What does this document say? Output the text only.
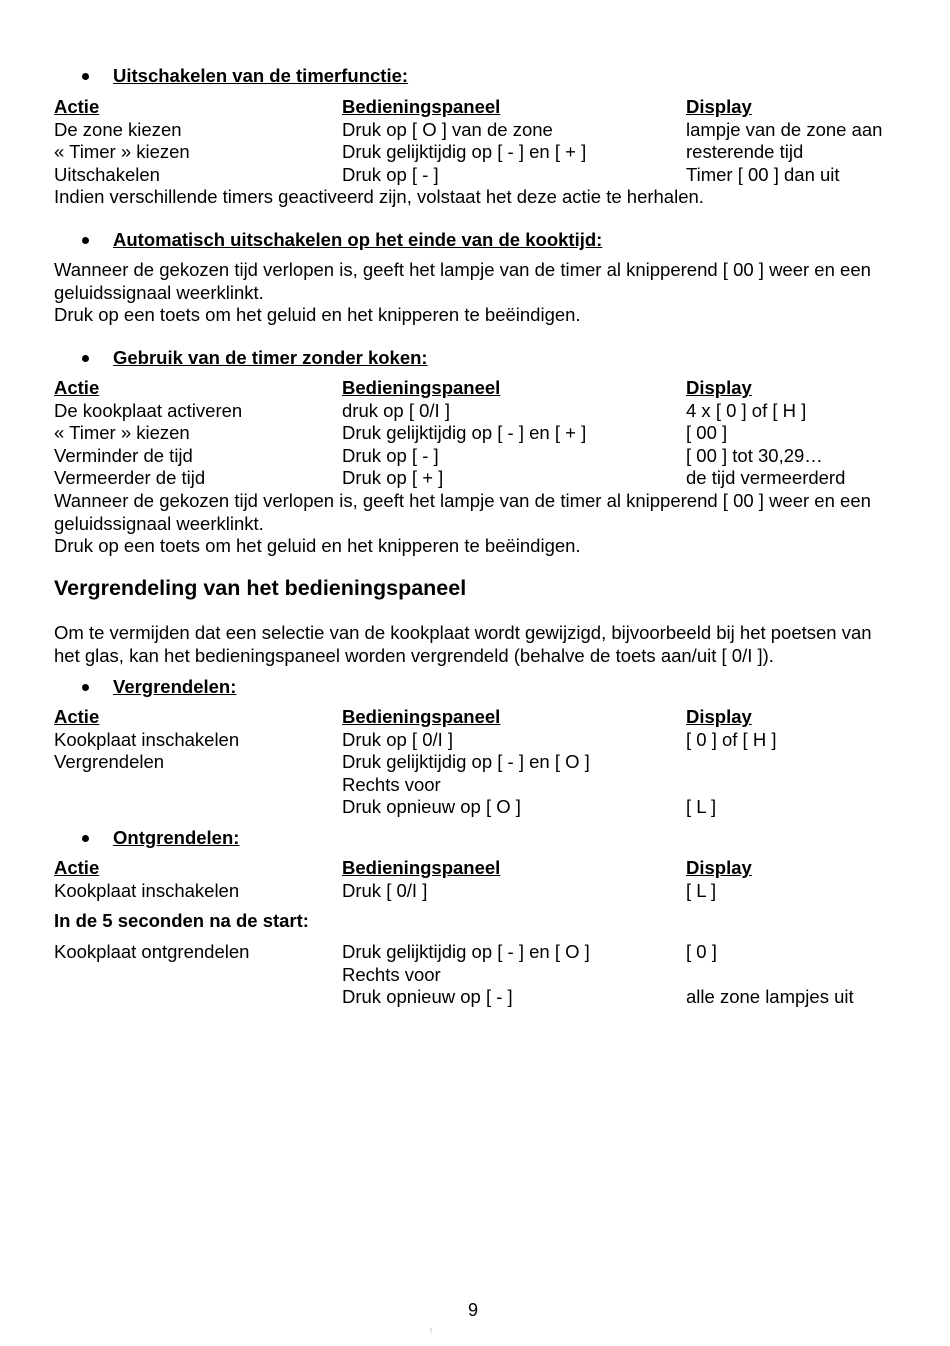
Uitschakelen van de timerfunctie:
Actie	Bedieningspaneel	Display
De zone kiezen	Druk op [ O ] van de zone	lampje van de zone aan
« Timer » kiezen	Druk gelijktijdig op [ - ] en [ + ]	resterende tijd
Uitschakelen	Druk op [ - ]	Timer [ 00 ] dan uit
Indien verschillende timers geactiveerd zijn, volstaat het deze actie te herhalen.
Automatisch uitschakelen op het einde van de kooktijd:
Wanneer de gekozen tijd verlopen is, geeft het lampje van de timer al knipperend [ 00 ] weer en een geluidssignaal weerklinkt.
Druk op een toets om het geluid en het knipperen te beëindigen.
Gebruik van de timer zonder koken:
Actie	Bedieningspaneel	Display
De kookplaat activeren	druk op [ 0/I ]	4 x [ 0 ] of [ H ]
« Timer » kiezen	Druk gelijktijdig op [ - ] en [ + ]	[ 00 ]
Verminder de tijd	Druk op [ - ]	[ 00 ] tot 30,29…
Vermeerder de tijd	Druk op [ + ]	de tijd vermeerderd
Wanneer de gekozen tijd verlopen is, geeft het lampje van de timer al knipperend [ 00 ] weer en een geluidssignaal weerklinkt.
Druk op een toets om het geluid en het knipperen te beëindigen.
Vergrendeling van het bedieningspaneel
Om te vermijden dat een selectie van de kookplaat wordt gewijzigd, bijvoorbeeld bij het poetsen van het glas, kan het bedieningspaneel worden vergrendeld (behalve de toets aan/uit [ 0/I ]).
Vergrendelen:
Actie	Bedieningspaneel	Display
Kookplaat inschakelen	Druk op [ 0/I ]	[ 0 ] of [ H ]
Vergrendelen	Druk gelijktijdig op [ - ] en [ O ]
Rechts voor
Druk opnieuw op [ O ]	[ L ]
Ontgrendelen:
Actie	Bedieningspaneel	Display
Kookplaat inschakelen	Druk [ 0/I ]	[ L ]
In de 5 seconden na de start:
Kookplaat ontgrendelen	Druk gelijktijdig op [ - ] en [ O ]	[ 0 ]
Rechts voor
Druk opnieuw op [ - ]	alle zone lampjes uit
9
!
